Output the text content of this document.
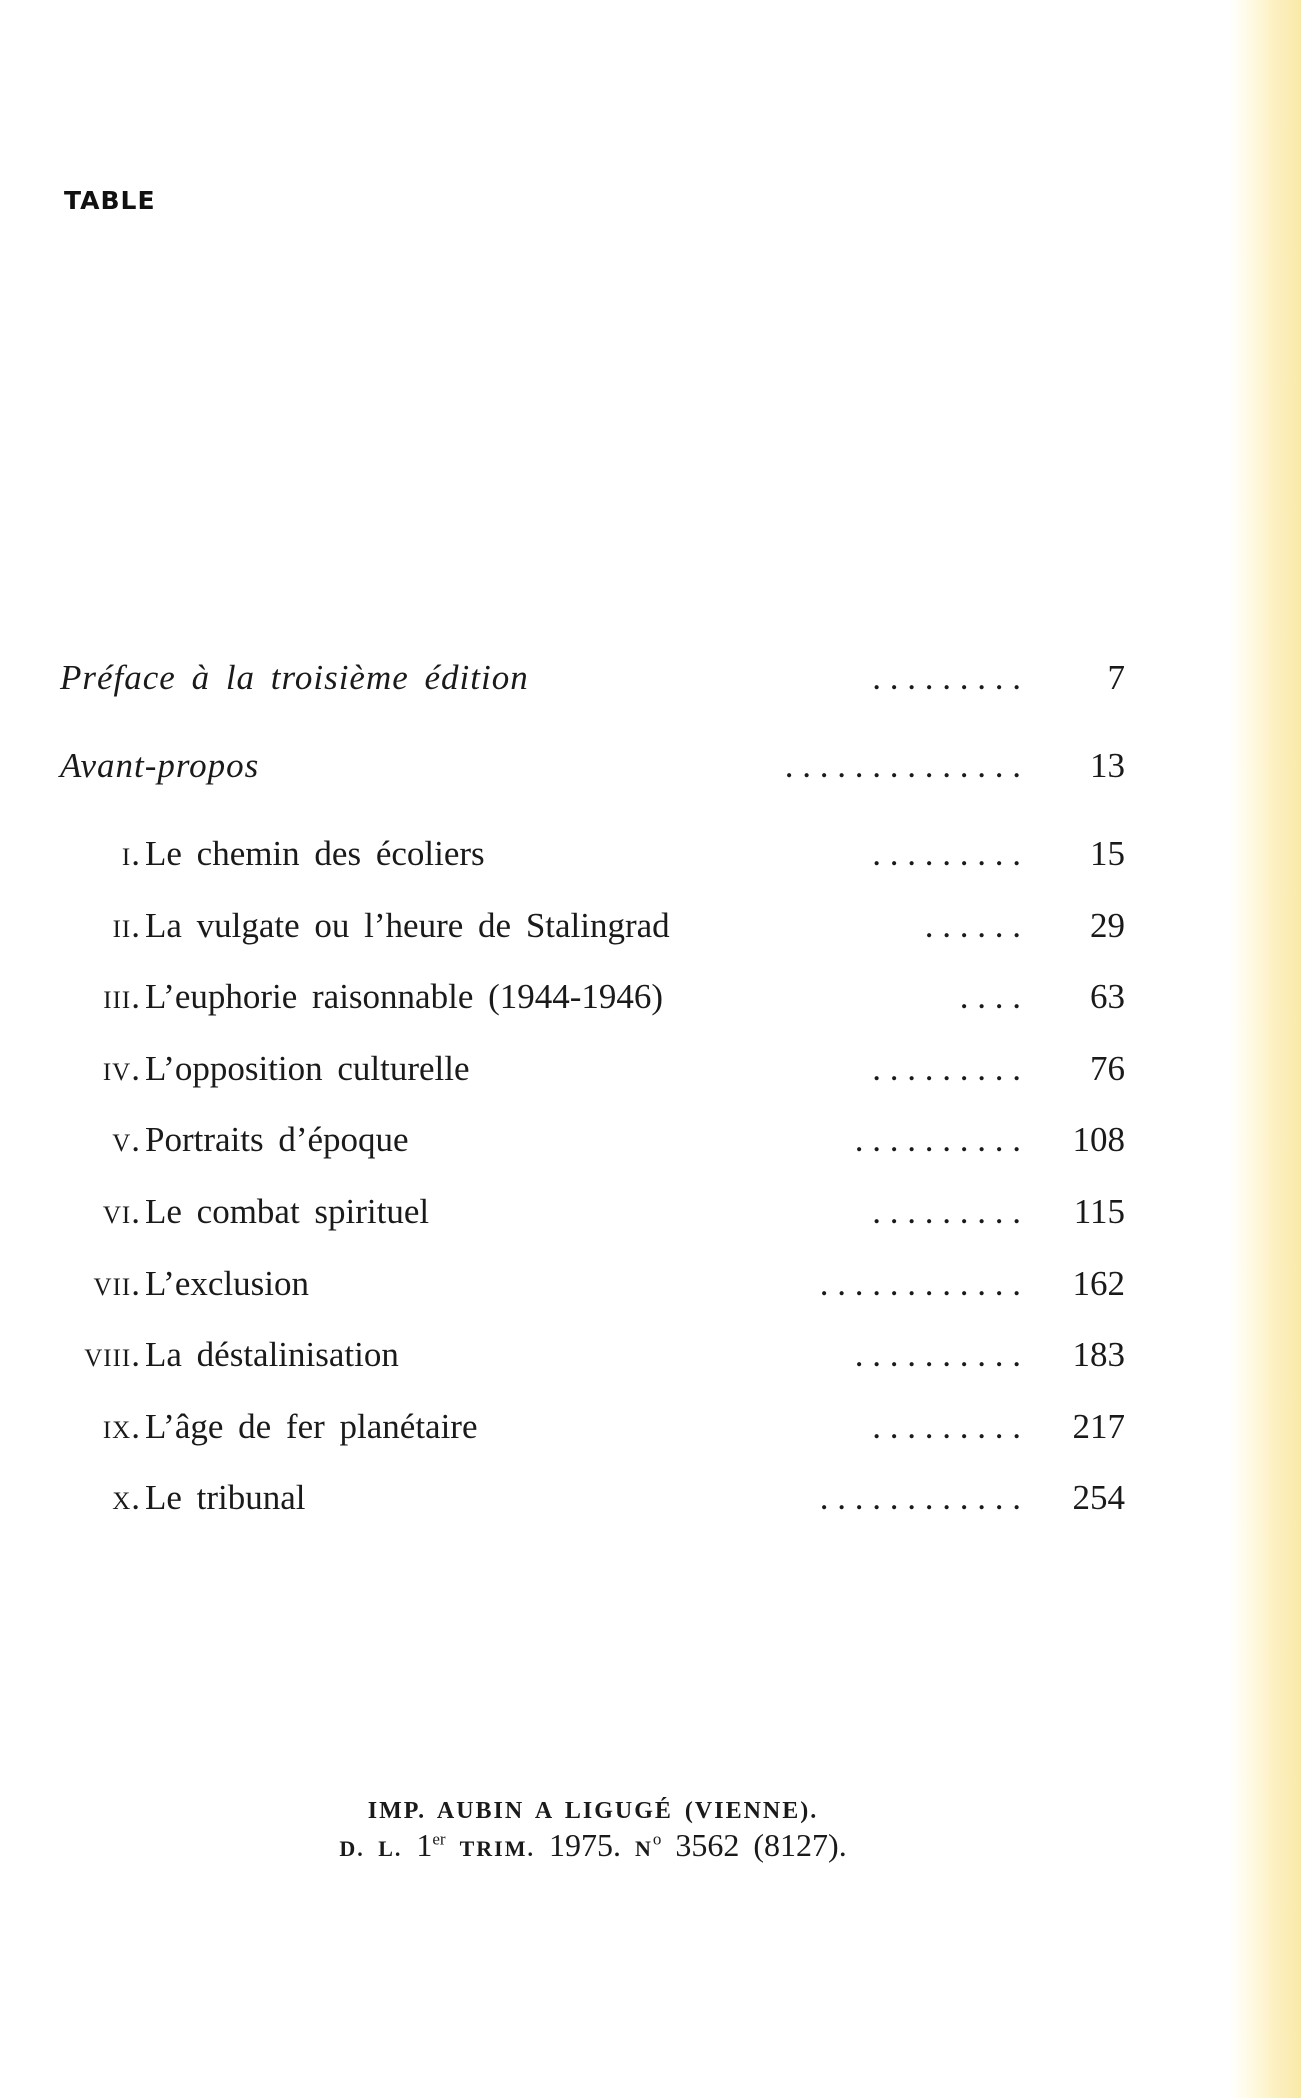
TABLE
Préface à la troisième édition	. . . . . . . . . 7
Avant-propos	. . . . . . . . . . . . . . 13
i. Le chemin des écoliers	. . . . . . . . . 15
ii. La vulgate ou l’heure de Stalingrad	. . . . . . 29
iii. L’euphorie raisonnable (1944-1946)	. . . . 63
iv. L’opposition culturelle	. . . . . . . . . 76
v. Portraits d’époque	. . . . . . . . . . 108
vi. Le combat spirituel	. . . . . . . . . 115
vii. L’exclusion	. . . . . . . . . . . . 162
viii. La déstalinisation	. . . . . . . . . . 183
ix. L’âge de fer planétaire	. . . . . . . . . 217
x. Le tribunal	. . . . . . . . . . . . 254
IMP. AUBIN A LIGUGÉ (VIENNE).
D. L. 1er TRIM. 1975. $N^o$ 3562 (8127).
